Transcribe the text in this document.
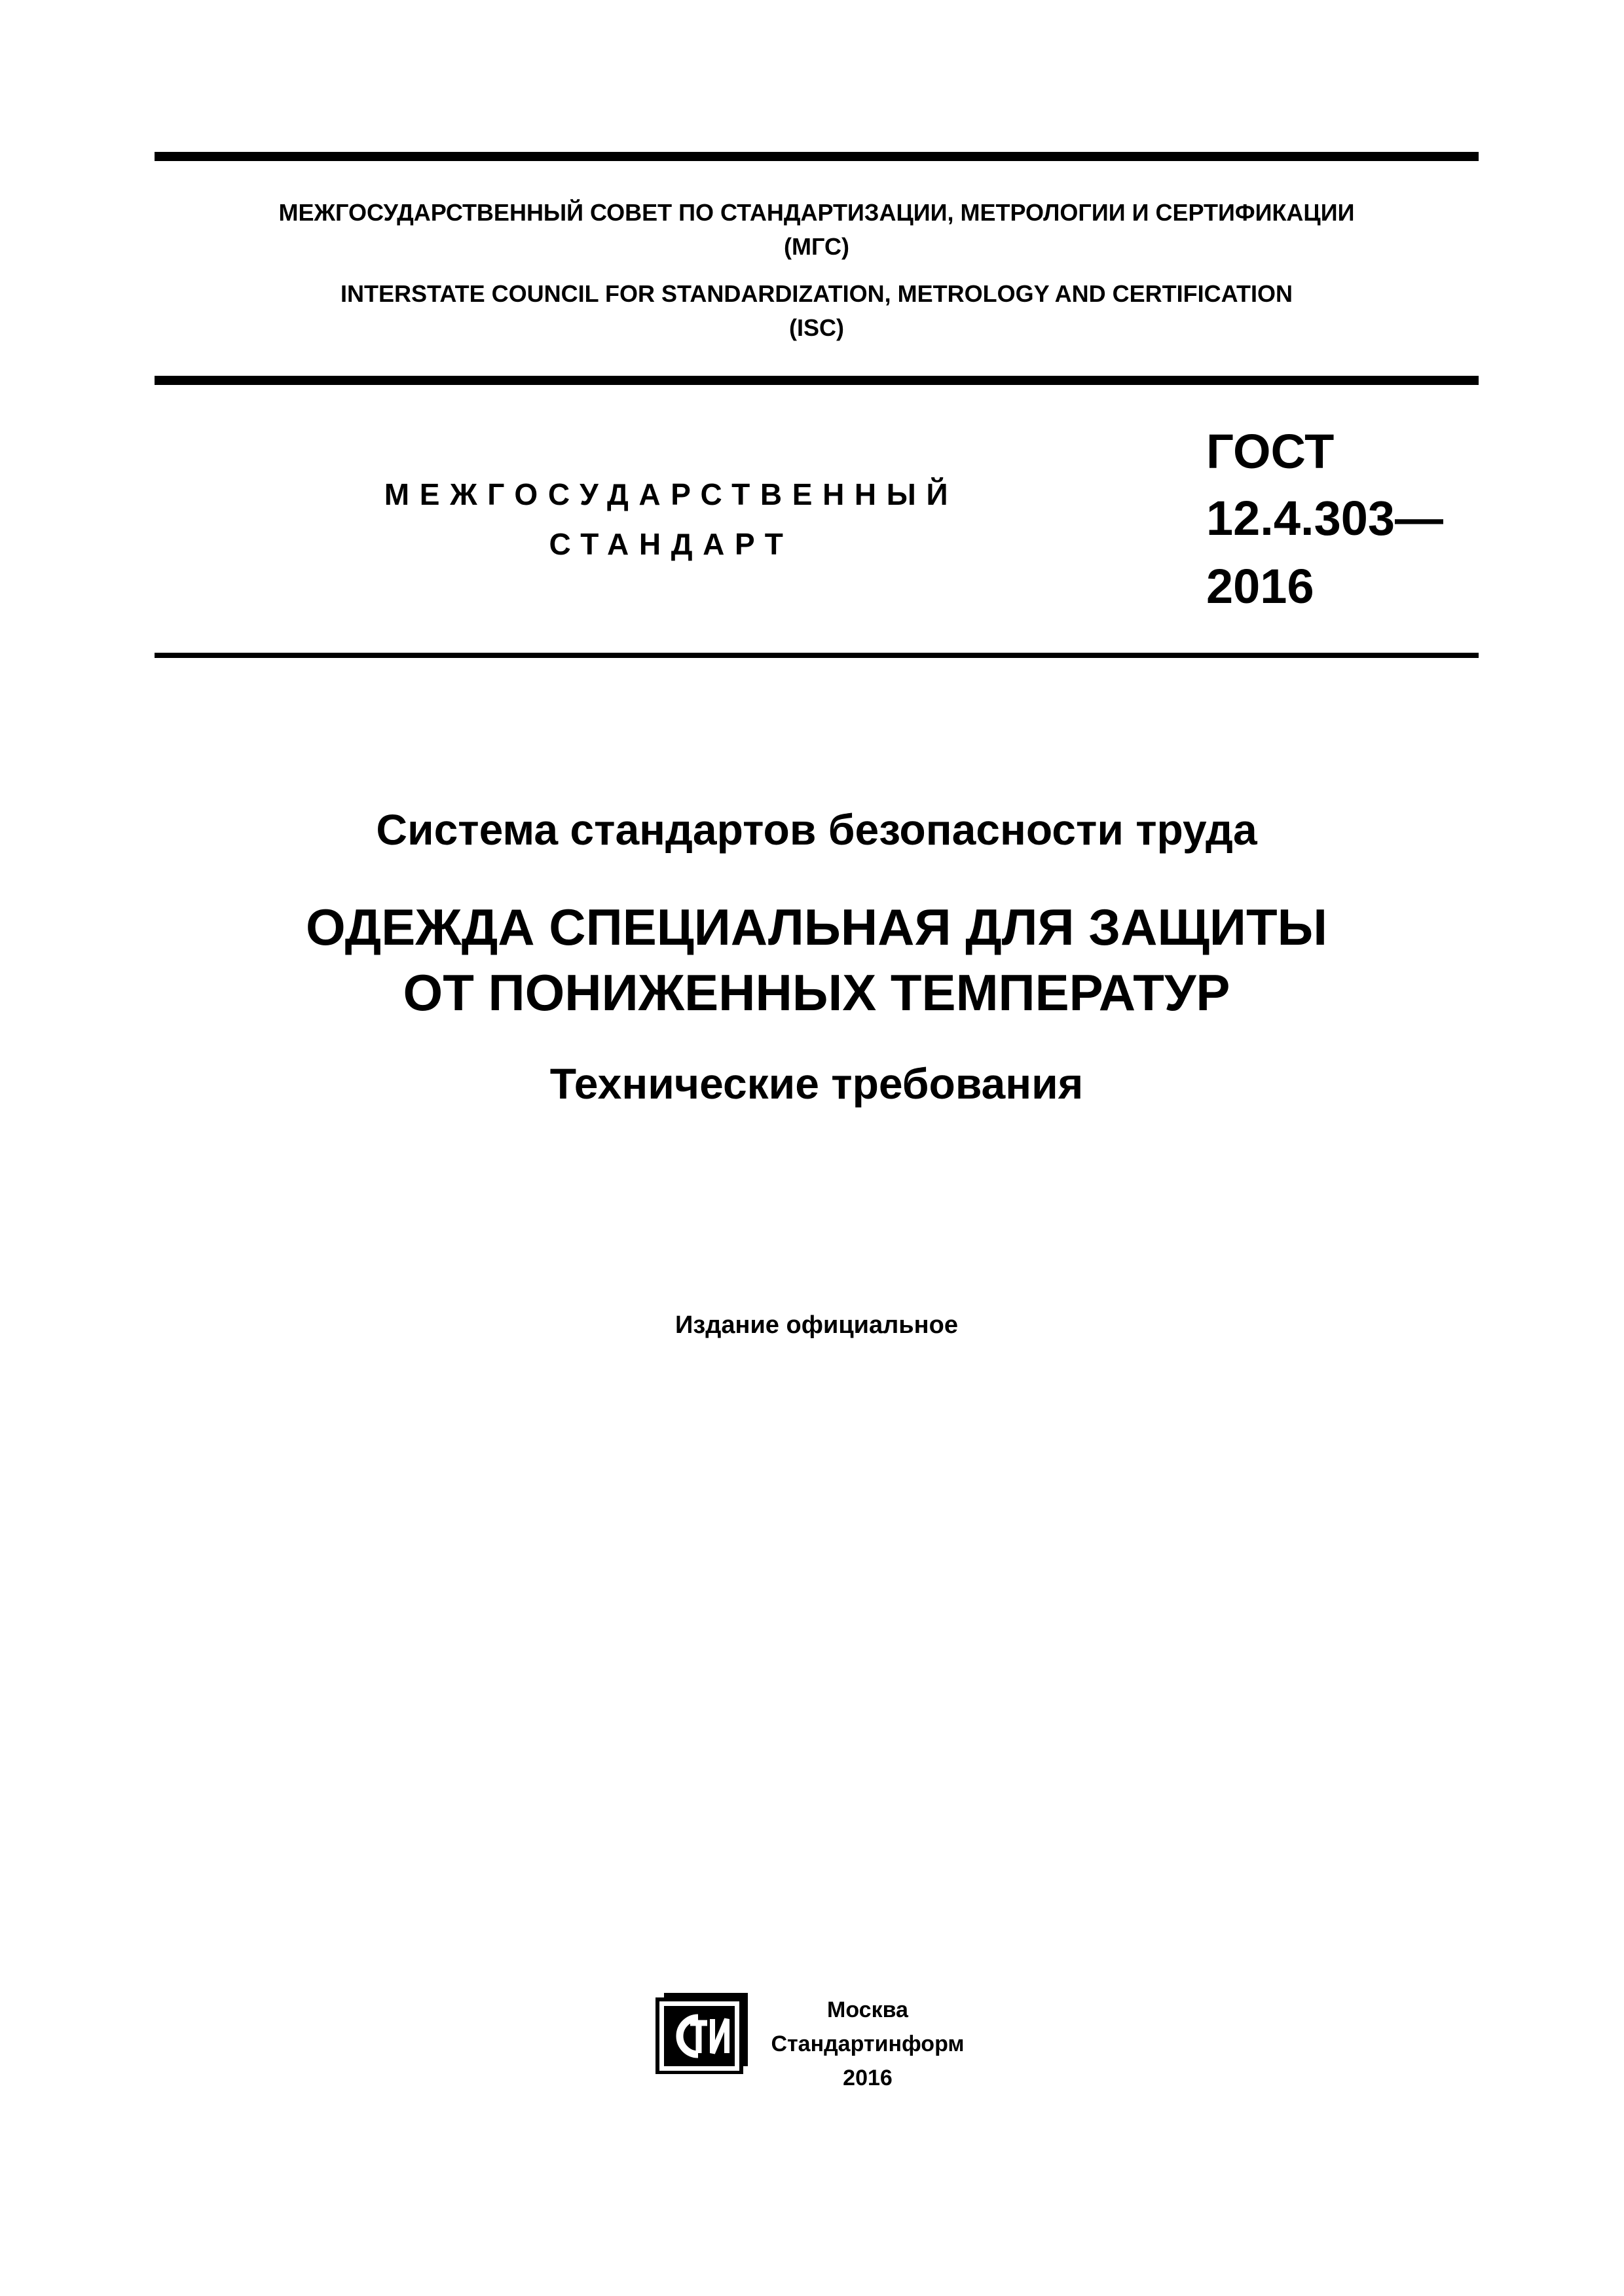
МЕЖГОСУДАРСТВЕННЫЙ СОВЕТ ПО СТАНДАРТИЗАЦИИ, МЕТРОЛОГИИ И СЕРТИФИКАЦИИ
(МГС)
INTERSTATE COUNCIL FOR STANDARDIZATION, METROLOGY AND CERTIFICATION
(ISC)
МЕЖГОСУДАРСТВЕННЫЙ
СТАНДАРТ
ГОСТ
12.4.303—
2016
Система стандартов безопасности труда
ОДЕЖДА СПЕЦИАЛЬНАЯ ДЛЯ ЗАЩИТЫ
ОТ ПОНИЖЕННЫХ ТЕМПЕРАТУР
Технические требования
Издание официальное
Москва
Стандартинформ
2016
